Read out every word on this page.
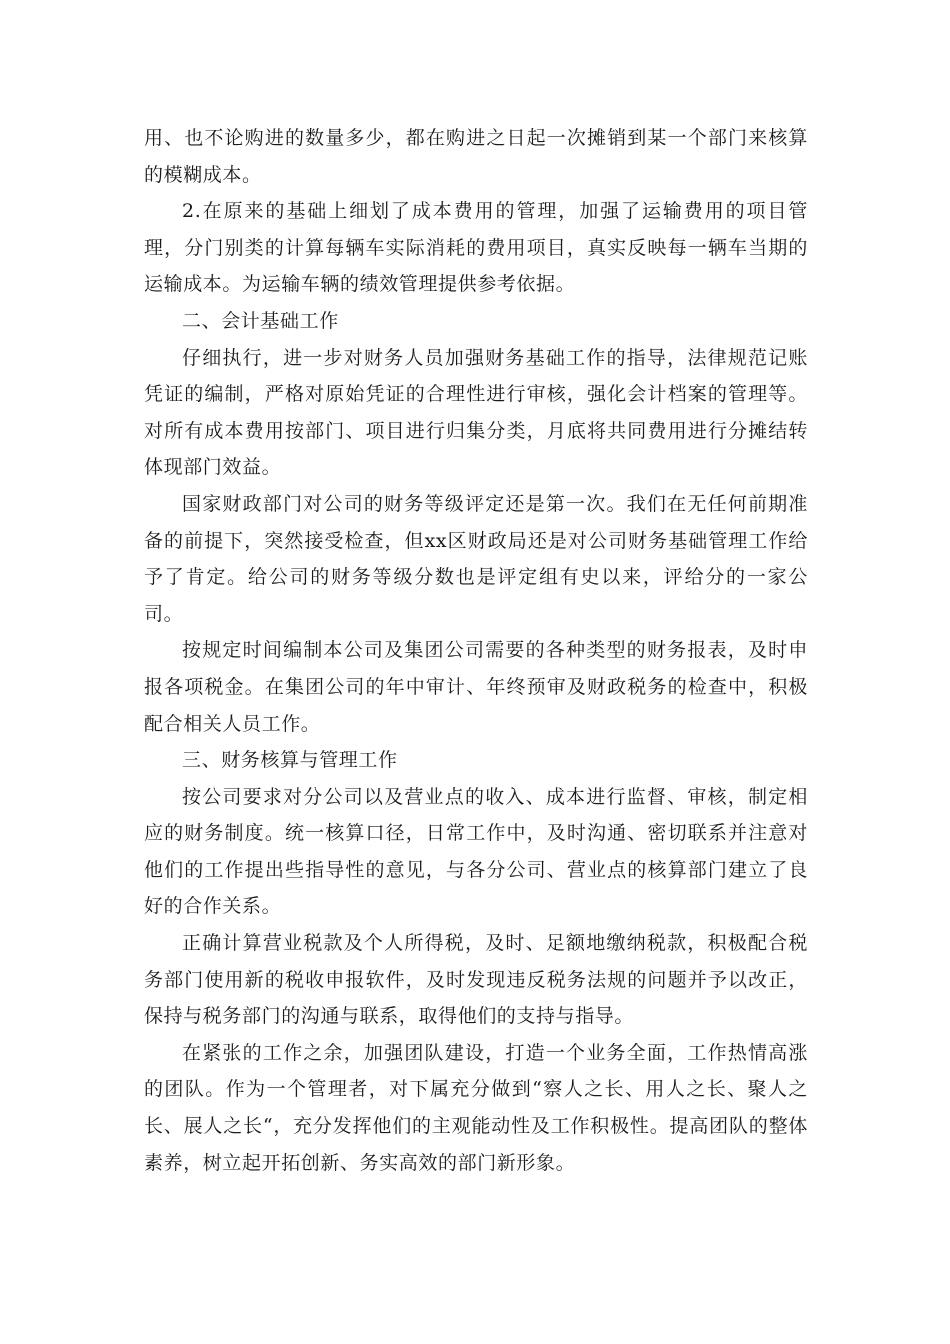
用、也不论购进的数量多少，都在购进之日起一次摊销到某一个部门来核算的模糊成本。

2.在原来的基础上细划了成本费用的管理，加强了运输费用的项目管理，分门别类的计算每辆车实际消耗的费用项目，真实反映每一辆车当期的运输成本。为运输车辆的绩效管理提供参考依据。

二、会计基础工作

仔细执行，进一步对财务人员加强财务基础工作的指导，法律规范记账凭证的编制，严格对原始凭证的合理性进行审核，强化会计档案的管理等。对所有成本费用按部门、项目进行归集分类，月底将共同费用进行分摊结转体现部门效益。

国家财政部门对公司的财务等级评定还是第一次。我们在无任何前期准备的前提下，突然接受检查，但xx区财政局还是对公司财务基础管理工作给予了肯定。给公司的财务等级分数也是评定组有史以来，评给分的一家公司。

按规定时间编制本公司及集团公司需要的各种类型的财务报表，及时申报各项税金。在集团公司的年中审计、年终预审及财政税务的检查中，积极配合相关人员工作。

三、财务核算与管理工作

按公司要求对分公司以及营业点的收入、成本进行监督、审核，制定相应的财务制度。统一核算口径，日常工作中，及时沟通、密切联系并注意对他们的工作提出些指导性的意见，与各分公司、营业点的核算部门建立了良好的合作关系。

正确计算营业税款及个人所得税，及时、足额地缴纳税款，积极配合税务部门使用新的税收申报软件，及时发现违反税务法规的问题并予以改正，保持与税务部门的沟通与联系，取得他们的支持与指导。

在紧张的工作之余，加强团队建设，打造一个业务全面，工作热情高涨的团队。作为一个管理者，对下属充分做到“察人之长、用人之长、聚人之长、展人之长“，充分发挥他们的主观能动性及工作积极性。提高团队的整体素养，树立起开拓创新、务实高效的部门新形象。
